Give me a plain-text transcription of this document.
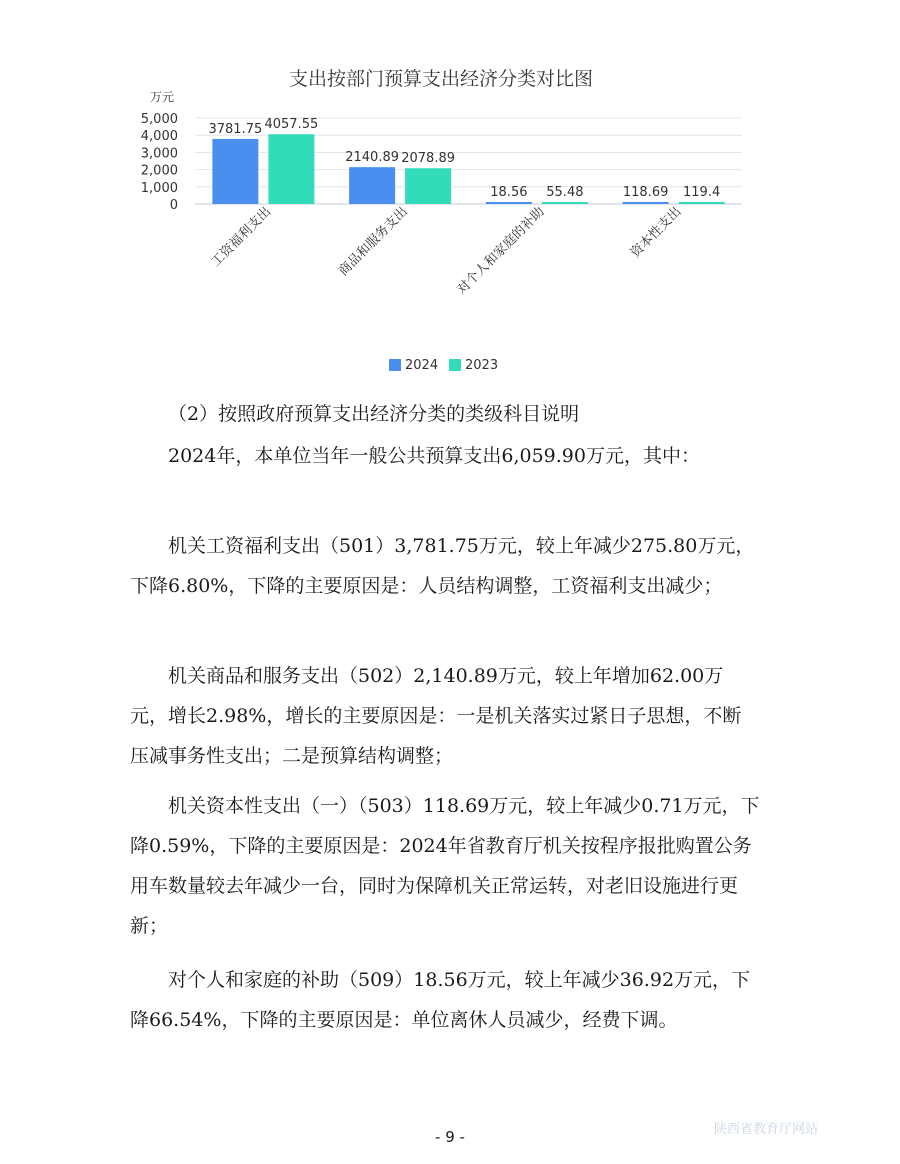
支出按部门预算支出经济分类对比图
万元
0
1,000
2,000
3,000
4,000
5,000
3781.75 4057.55
2140.89 2078.89
18.56 55.48	118.69 119.4
工资福利支出	商品和服务支出	对个人和家庭的补助	资本性支出
2024 2023

（2）按照政府预算支出经济分类的类级科目说明

2024年，本单位当年一般公共预算支出6,059.90万元，其中：

机关工资福利支出（501）3,781.75万元，较上年减少275.80万元，下降6.80%，下降的主要原因是：人员结构调整，工资福利支出减少；

机关商品和服务支出（502）2,140.89万元，较上年增加62.00万元，增长2.98%，增长的主要原因是：一是机关落实过紧日子思想，不断压减事务性支出；二是预算结构调整；

机关资本性支出（一）（503）118.69万元，较上年减少0.71万元，下降0.59%，下降的主要原因是：2024年省教育厅机关按程序报批购置公务用车数量较去年减少一台，同时为保障机关正常运转，对老旧设施进行更新；

对个人和家庭的补助（509）18.56万元，较上年减少36.92万元，下降66.54%，下降的主要原因是：单位离休人员减少，经费下调。

- 9 -	陕西省教育厅网站
